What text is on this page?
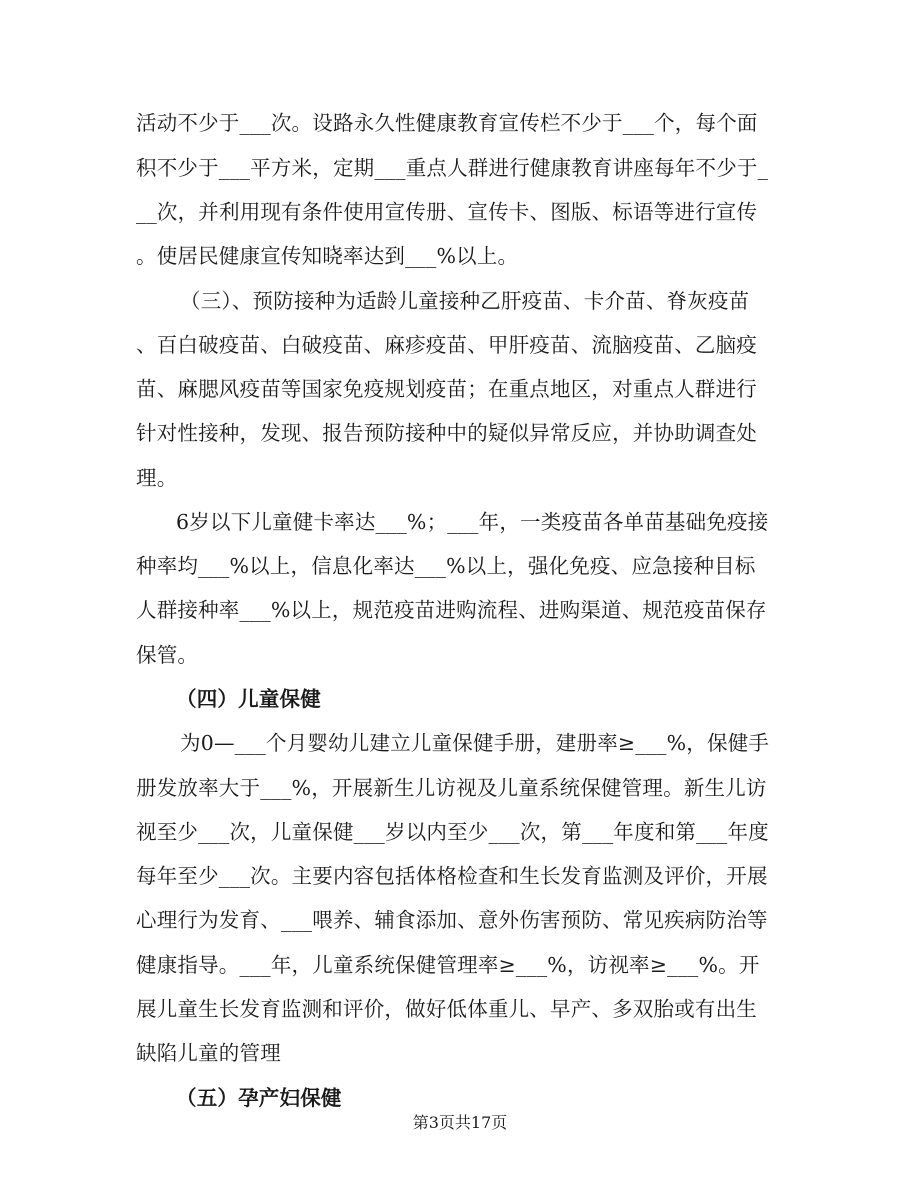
活动不少于___次。设路永久性健康教育宣传栏不少于___个，每个面
积不少于___平方米，定期___重点人群进行健康教育讲座每年不少于_
__次，并利用现有条件使用宣传册、宣传卡、图版、标语等进行宣传
。使居民健康宣传知晓率达到___%以上。
（三）、预防接种为适龄儿童接种乙肝疫苗、卡介苗、脊灰疫苗
、百白破疫苗、白破疫苗、麻疹疫苗、甲肝疫苗、流脑疫苗、乙脑疫
苗、麻腮风疫苗等国家免疫规划疫苗；在重点地区，对重点人群进行
针对性接种，发现、报告预防接种中的疑似异常反应，并协助调查处
理。
6岁以下儿童健卡率达___%；___年，一类疫苗各单苗基础免疫接
种率均___%以上，信息化率达___%以上，强化免疫、应急接种目标
人群接种率___%以上，规范疫苗进购流程、进购渠道、规范疫苗保存
保管。
（四）儿童保健
为0—___个月婴幼儿建立儿童保健手册，建册率≥___%，保健手
册发放率大于___%，开展新生儿访视及儿童系统保健管理。新生儿访
视至少___次，儿童保健___岁以内至少___次，第___年度和第___年度
每年至少___次。主要内容包括体格检查和生长发育监测及评价，开展
心理行为发育、___喂养、辅食添加、意外伤害预防、常见疾病防治等
健康指导。___年，儿童系统保健管理率≥___%，访视率≥___%。开
展儿童生长发育监测和评价，做好低体重儿、早产、多双胎或有出生
缺陷儿童的管理
（五）孕产妇保健
第3页共17页
